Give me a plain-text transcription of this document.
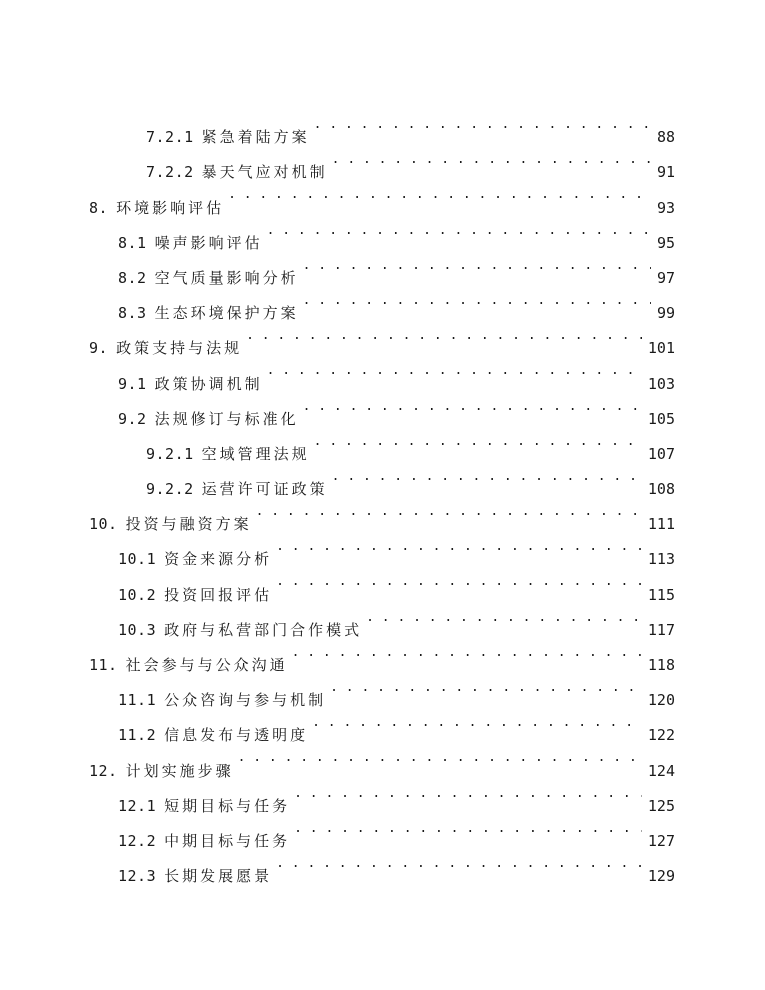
7.2.1 紧急着陆方案 . . .	88
7.2.2 暴天气应对机制 . . .	91
8. 环境影响评估 . . .	93
8.1 噪声影响评估 . . .	95
8.2 空气质量影响分析 . . .	97
8.3 生态环境保护方案 . . .	99
9. 政策支持与法规 . . .	101
9.1 政策协调机制 . . .	103
9.2 法规修订与标准化 . . .	105
9.2.1 空域管理法规 . . .	107
9.2.2 运营许可证政策 . . .	108
10. 投资与融资方案 . . .	111
10.1 资金来源分析 . . .	113
10.2 投资回报评估 . . .	115
10.3 政府与私营部门合作模式 . . .	117
11. 社会参与与公众沟通 . . .	118
11.1 公众咨询与参与机制 . . .	120
11.2 信息发布与透明度 . . .	122
12. 计划实施步骤 . . .	124
12.1 短期目标与任务 . . .	125
12.2 中期目标与任务 . . .	127
12.3 长期发展愿景 . . .	129
